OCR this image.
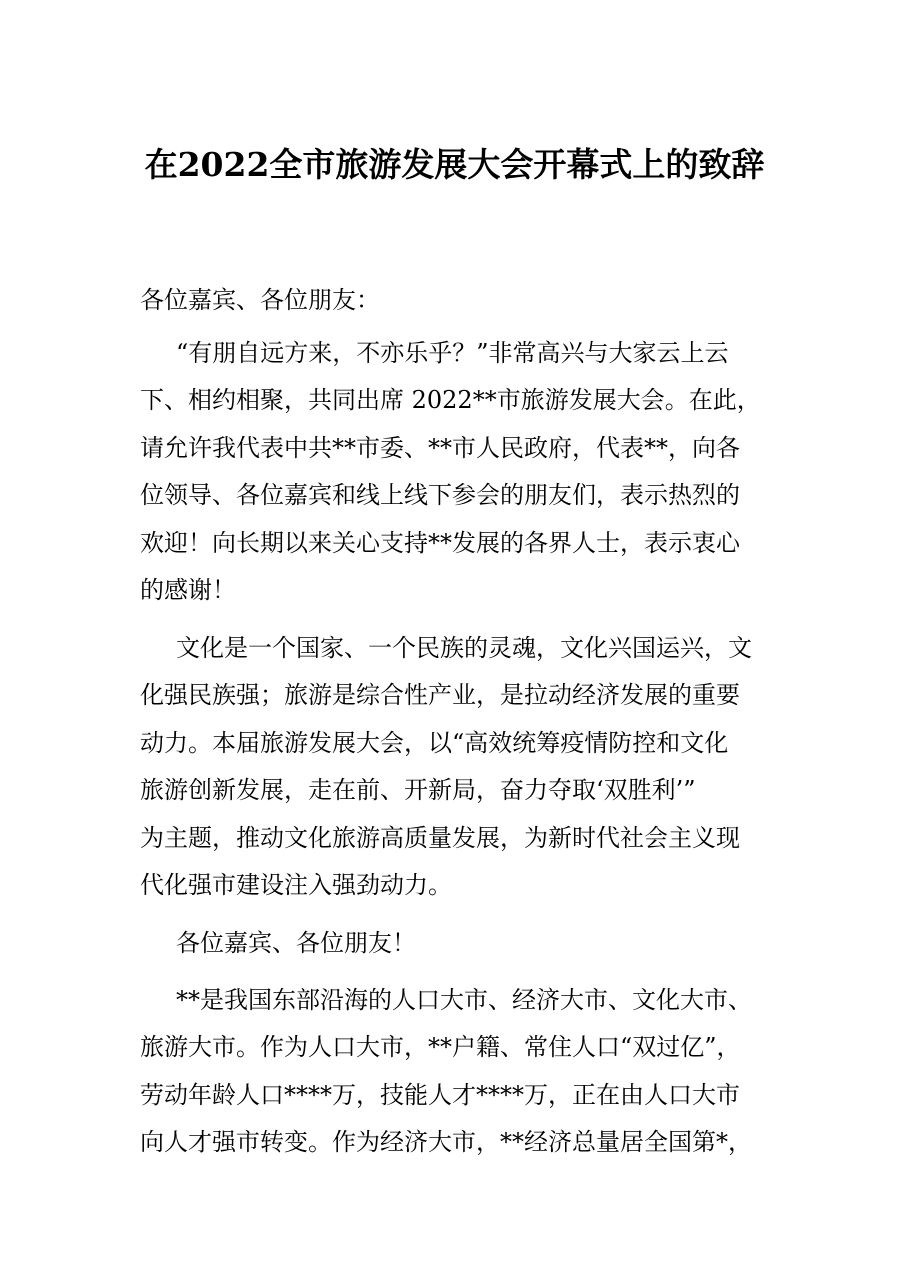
在2022全市旅游发展大会开幕式上的致辞
各位嘉宾、各位朋友：
“有朋自远方来，不亦乐乎？”非常高兴与大家云上云
下、相约相聚，共同出席 2022**市旅游发展大会。在此，
请允许我代表中共**市委、**市人民政府，代表**，向各
位领导、各位嘉宾和线上线下参会的朋友们，表示热烈的
欢迎！向长期以来关心支持**发展的各界人士，表示衷心
的感谢！
文化是一个国家、一个民族的灵魂，文化兴国运兴，文
化强民族强；旅游是综合性产业，是拉动经济发展的重要
动力。本届旅游发展大会，以“高效统筹疫情防控和文化
旅游创新发展，走在前、开新局，奋力夺取‘双胜利’”
为主题，推动文化旅游高质量发展，为新时代社会主义现
代化强市建设注入强劲动力。
各位嘉宾、各位朋友！
**是我国东部沿海的人口大市、经济大市、文化大市、
旅游大市。作为人口大市，**户籍、常住人口“双过亿”，
劳动年龄人口****万，技能人才****万，正在由人口大市
向人才强市转变。作为经济大市，**经济总量居全国第*，
